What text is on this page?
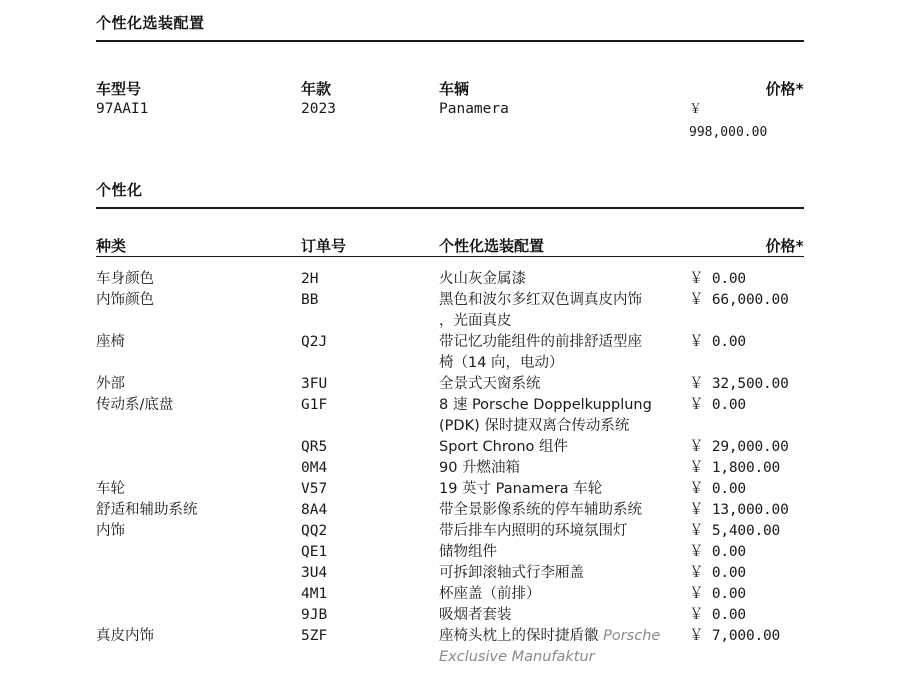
个性化选装配置
车型号	年款	车辆	价格*
97AAI1	2023	Panamera	￥
998,000.00
个性化
种类	订单号	个性化选装配置	价格*
车身颜色	2H	火山灰金属漆	￥ 0.00
内饰颜色	BB	黑色和波尔多红双色调真皮内饰
，光面真皮	￥ 66,000.00
座椅	Q2J	带记忆功能组件的前排舒适型座
椅（14 向，电动）	￥ 0.00
外部	3FU	全景式天窗系统	￥ 32,500.00
传动系/底盘	G1F	8 速 Porsche Doppelkupplung
(PDK) 保时捷双离合传动系统	￥ 0.00
	QR5	Sport Chrono 组件	￥ 29,000.00
	0M4	90 升燃油箱	￥ 1,800.00
车轮	V57	19 英寸 Panamera 车轮	￥ 0.00
舒适和辅助系统	8A4	带全景影像系统的停车辅助系统	￥ 13,000.00
内饰	QQ2	带后排车内照明的环境氛围灯	￥ 5,400.00
	QE1	储物组件	￥ 0.00
	3U4	可拆卸滚轴式行李厢盖	￥ 0.00
	4M1	杯座盖（前排）	￥ 0.00
	9JB	吸烟者套装	￥ 0.00
真皮内饰	5ZF	座椅头枕上的保时捷盾徽 Porsche
Exclusive Manufaktur	￥ 7,000.00
